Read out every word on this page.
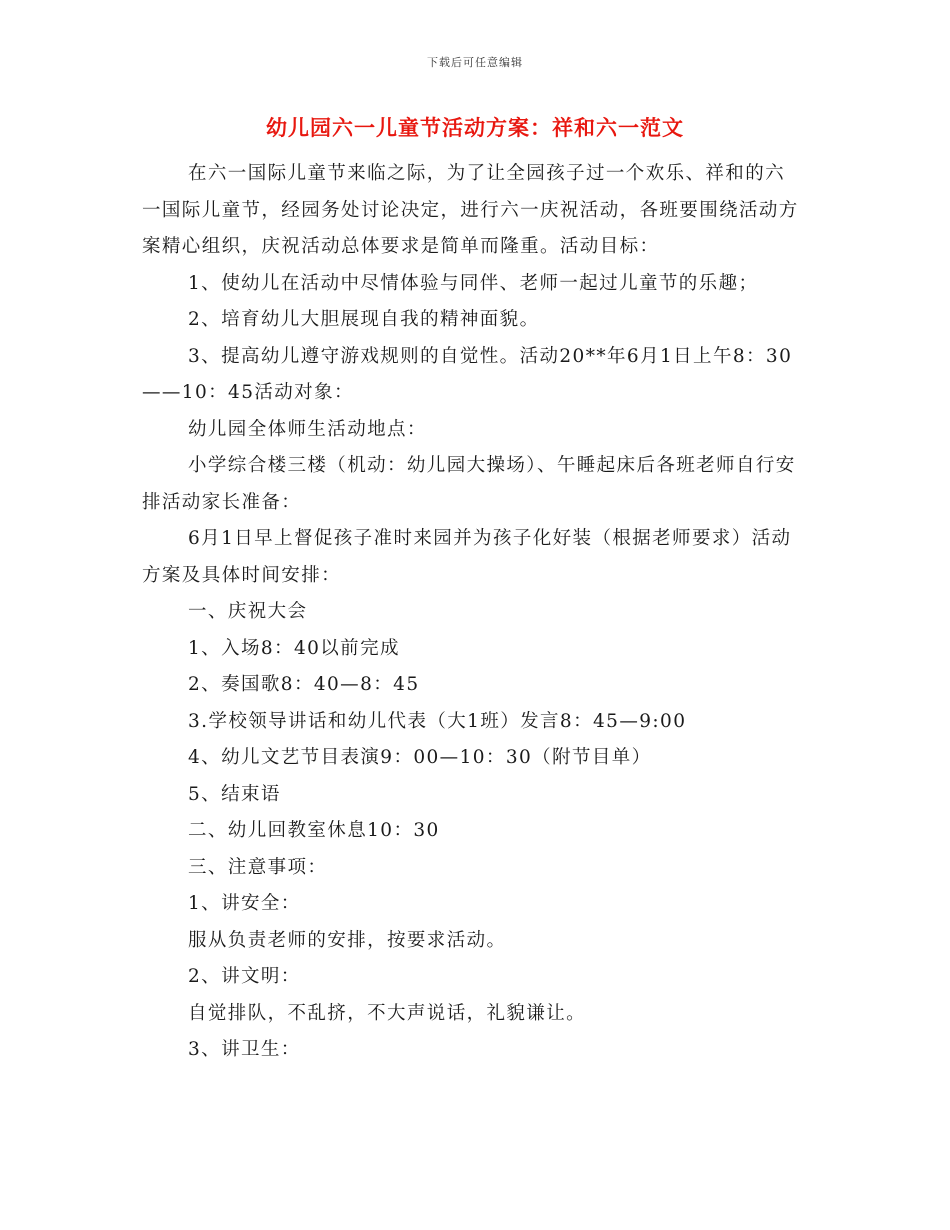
下载后可任意编辑
幼儿园六一儿童节活动方案：祥和六一范文

在六一国际儿童节来临之际，为了让全园孩子过一个欢乐、祥和的六一国际儿童节，经园务处讨论决定，进行六一庆祝活动，各班要围绕活动方案精心组织，庆祝活动总体要求是简单而隆重。活动目标：

1、使幼儿在活动中尽情体验与同伴、老师一起过儿童节的乐趣；

2、培育幼儿大胆展现自我的精神面貌。

3、提高幼儿遵守游戏规则的自觉性。活动20**年6月1日上午8：30——10：45活动对象：

幼儿园全体师生活动地点：

小学综合楼三楼（机动：幼儿园大操场）、午睡起床后各班老师自行安排活动家长准备：

6月1日早上督促孩子准时来园并为孩子化好装（根据老师要求）活动方案及具体时间安排：

一、庆祝大会

1、入场8：40以前完成

2、奏国歌8：40—8：45

3.学校领导讲话和幼儿代表（大1班）发言8：45—9:00

4、幼儿文艺节目表演9：00—10：30（附节目单）

5、结束语

二、幼儿回教室休息10：30

三、注意事项：

1、讲安全：

服从负责老师的安排，按要求活动。

2、讲文明：

自觉排队，不乱挤，不大声说话，礼貌谦让。

3、讲卫生：
